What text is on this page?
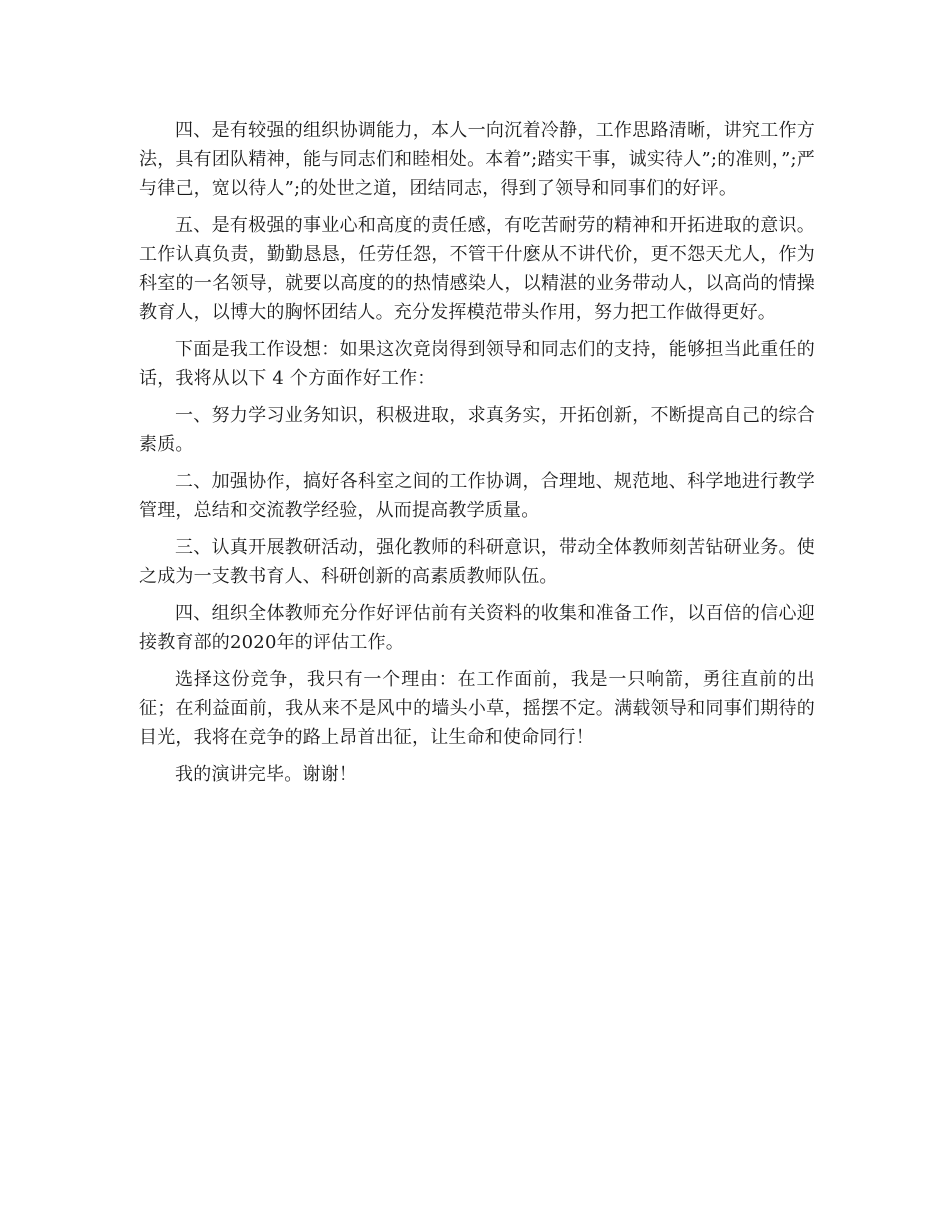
四、是有较强的组织协调能力，本人一向沉着冷静，工作思路清晰，讲究工作方法，具有团队精神，能与同志们和睦相处。本着”;踏实干事，诚实待人”;的准则，”;严与律己，宽以待人”;的处世之道，团结同志，得到了领导和同事们的好评。

五、是有极强的事业心和高度的责任感，有吃苦耐劳的精神和开拓进取的意识。工作认真负责，勤勤恳恳，任劳任怨，不管干什麽从不讲代价，更不怨天尤人，作为科室的一名领导，就要以高度的的热情感染人，以精湛的业务带动人，以高尚的情操教育人，以博大的胸怀团结人。充分发挥模范带头作用，努力把工作做得更好。

下面是我工作设想：如果这次竟岗得到领导和同志们的支持，能够担当此重任的话，我将从以下 4 个方面作好工作：

一、努力学习业务知识，积极进取，求真务实，开拓创新，不断提高自己的综合素质。

二、加强协作，搞好各科室之间的工作协调，合理地、规范地、科学地进行教学管理，总结和交流教学经验，从而提高教学质量。

三、认真开展教研活动，强化教师的科研意识，带动全体教师刻苦钻研业务。使之成为一支教书育人、科研创新的高素质教师队伍。

四、组织全体教师充分作好评估前有关资料的收集和准备工作，以百倍的信心迎接教育部的2020年的评估工作。

选择这份竞争，我只有一个理由：在工作面前，我是一只响箭，勇往直前的出征；在利益面前，我从来不是风中的墙头小草，摇摆不定。满载领导和同事们期待的目光，我将在竞争的路上昂首出征，让生命和使命同行！

我的演讲完毕。谢谢！
